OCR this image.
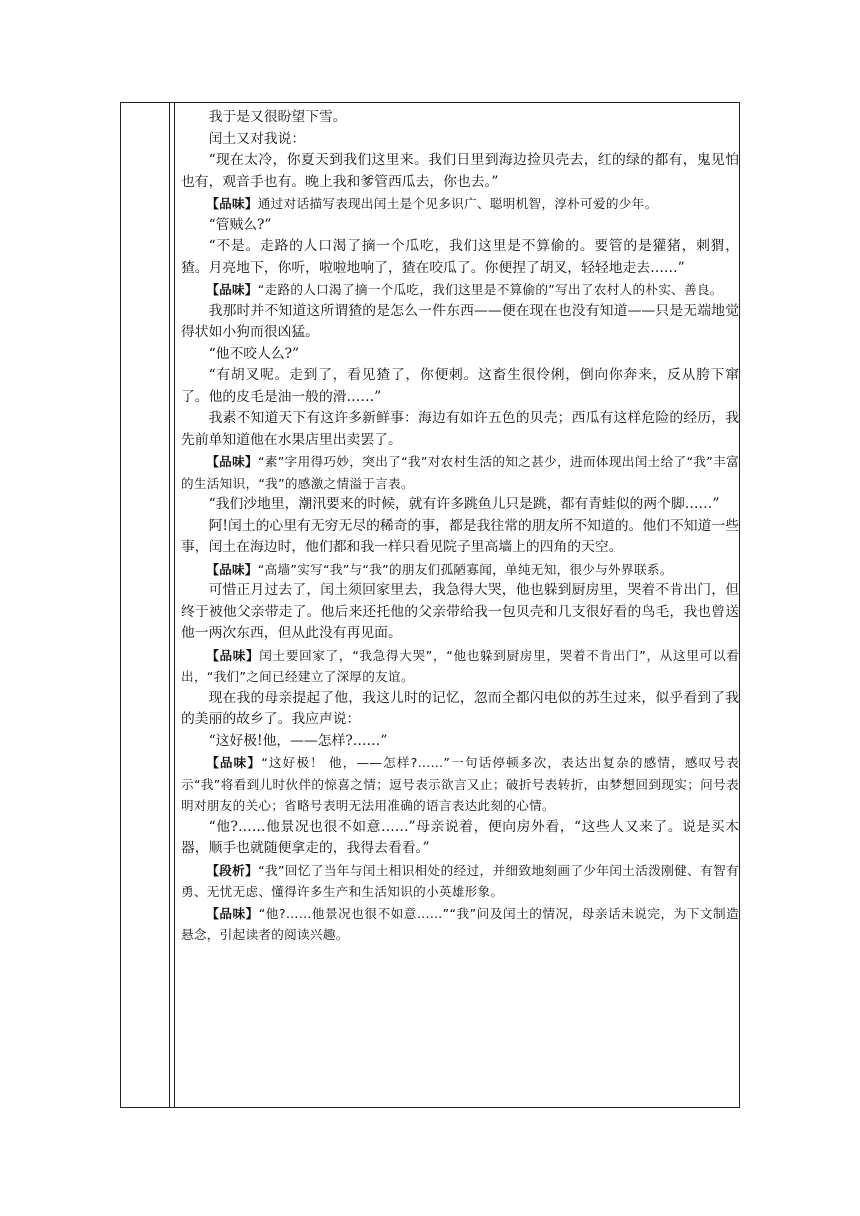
我于是又很盼望下雪。

闰土又对我说：

“现在太冷，你夏天到我们这里来。我们日里到海边捡贝壳去，红的绿的都有，鬼见怕也有，观音手也有。晚上我和爹管西瓜去，你也去。”

【品味】通过对话描写表现出闰土是个见多识广、聪明机智，淳朴可爱的少年。

“管贼么?”

“不是。走路的人口渴了摘一个瓜吃，我们这里是不算偷的。要管的是獾猪，刺猬，猹。月亮地下，你听，啦啦地响了，猹在咬瓜了。你便捏了胡叉，轻轻地走去……”

【品味】“走路的人口渴了摘一个瓜吃，我们这里是不算偷的”写出了农村人的朴实、善良。

我那时并不知道这所谓猹的是怎么一件东西——便在现在也没有知道——只是无端地觉得状如小狗而很凶猛。

“他不咬人么?”

“有胡叉呢。走到了，看见猹了，你便刺。这畜生很伶俐，倒向你奔来，反从胯下窜了。他的皮毛是油一般的滑……”

我素不知道天下有这许多新鲜事：海边有如许五色的贝壳；西瓜有这样危险的经历，我先前单知道他在水果店里出卖罢了。

【品味】“素”字用得巧妙，突出了“我”对农村生活的知之甚少，进而体现出闰土给了“我”丰富的生活知识，“我”的感激之情溢于言表。

“我们沙地里，潮汛要来的时候，就有许多跳鱼儿只是跳，都有青蛙似的两个脚……”

阿!闰土的心里有无穷无尽的稀奇的事，都是我往常的朋友所不知道的。他们不知道一些事，闰土在海边时，他们都和我一样只看见院子里高墙上的四角的天空。

【品味】“高墙”实写“我”与“我”的朋友们孤陋寡闻，单纯无知，很少与外界联系。

可惜正月过去了，闰土须回家里去，我急得大哭，他也躲到厨房里，哭着不肯出门，但终于被他父亲带走了。他后来还托他的父亲带给我一包贝壳和几支很好看的鸟毛，我也曾送他一两次东西，但从此没有再见面。

【品味】闰土要回家了，“我急得大哭”，“他也躲到厨房里，哭着不肯出门”，从这里可以看出，“我们”之间已经建立了深厚的友谊。

现在我的母亲提起了他，我这儿时的记忆，忽而全都闪电似的苏生过来，似乎看到了我的美丽的故乡了。我应声说：

“这好极!他，——怎样?……”

【品味】“这好极！ 他，——怎样?……”一句话停顿多次，表达出复杂的感情，感叹号表示“我”将看到儿时伙伴的惊喜之情；逗号表示欲言又止；破折号表转折，由梦想回到现实；问号表明对朋友的关心；省略号表明无法用准确的语言表达此刻的心情。

“他?……他景况也很不如意……”母亲说着，便向房外看，“这些人又来了。说是买木器，顺手也就随便拿走的，我得去看看。”

【段析】“我”回忆了当年与闰土相识相处的经过，并细致地刻画了少年闰土活泼刚健、有智有勇、无忧无虑、懂得许多生产和生活知识的小英雄形象。

【品味】“他?……他景况也很不如意……”“我”问及闰土的情况，母亲话未说完，为下文制造悬念，引起读者的阅读兴趣。
